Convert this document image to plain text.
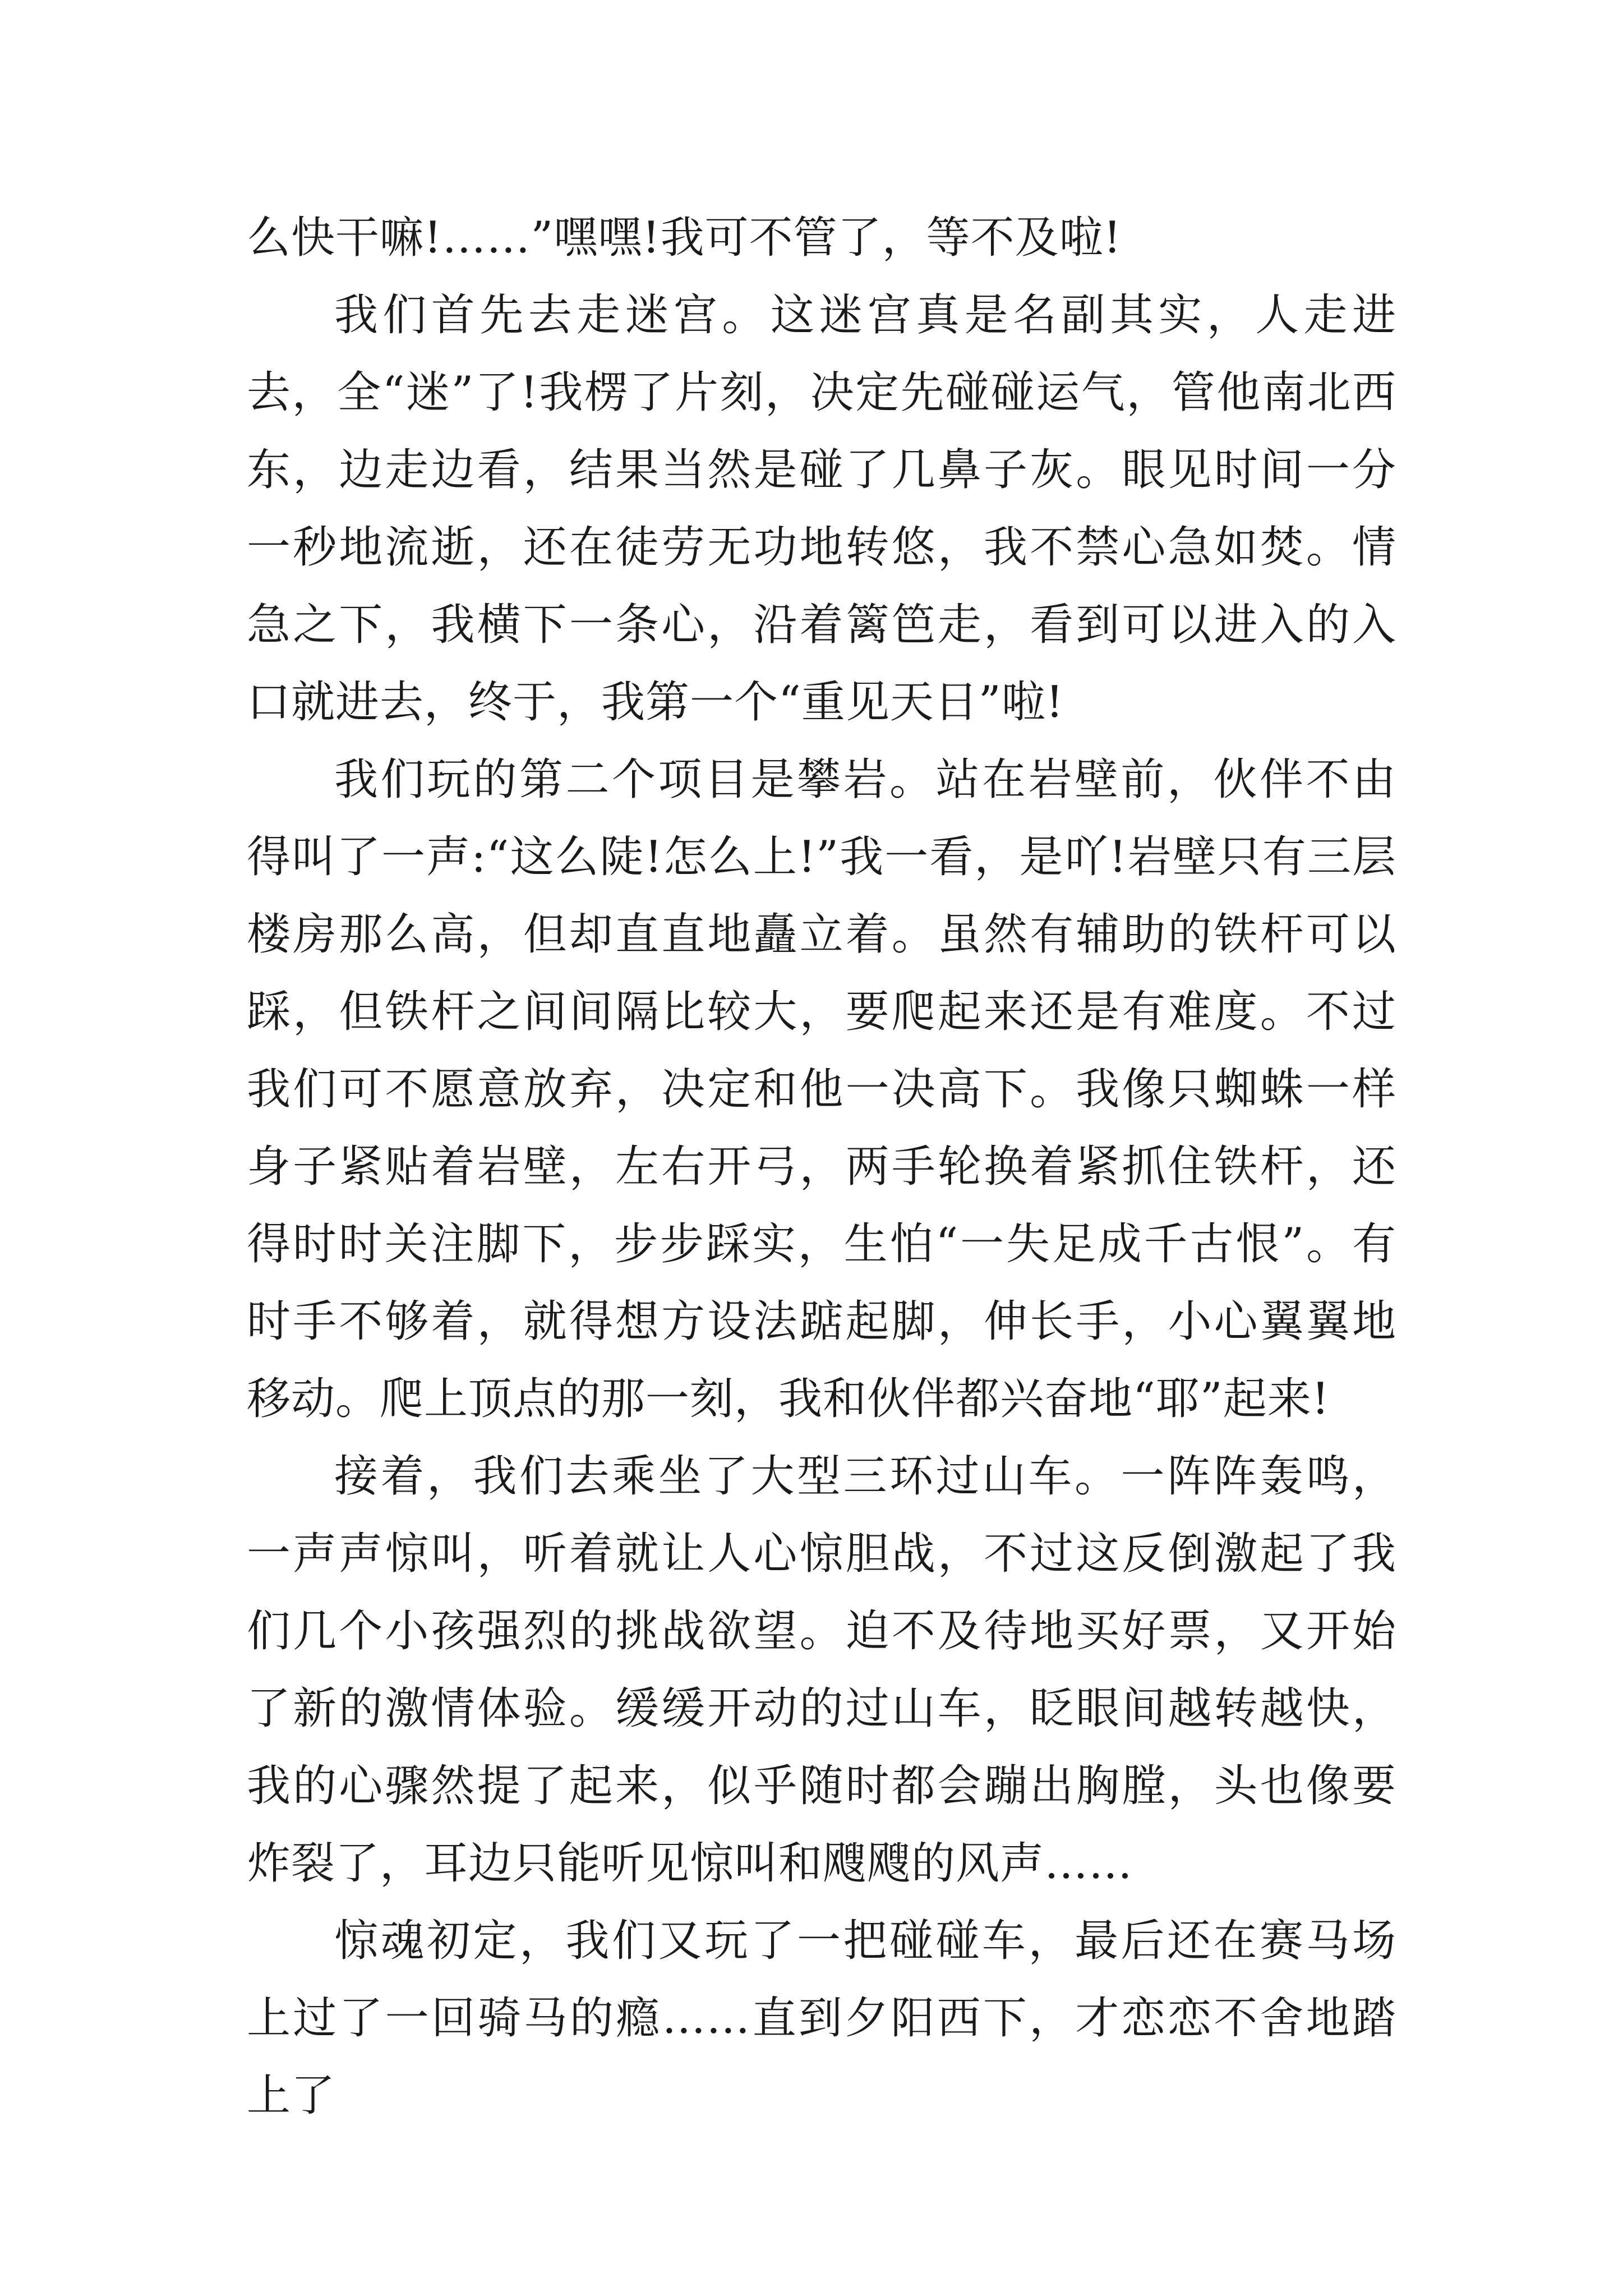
么快干嘛!……”嘿嘿!我可不管了，等不及啦!

我们首先去走迷宫。这迷宫真是名副其实，人走进去，全“迷”了!我楞了片刻，决定先碰碰运气，管他南北西东，边走边看，结果当然是碰了几鼻子灰。眼见时间一分一秒地流逝，还在徒劳无功地转悠，我不禁心急如焚。情急之下，我横下一条心，沿着篱笆走，看到可以进入的入口就进去，终于，我第一个“重见天日”啦!

我们玩的第二个项目是攀岩。站在岩壁前，伙伴不由得叫了一声:“这么陡!怎么上!”我一看，是吖!岩壁只有三层楼房那么高，但却直直地矗立着。虽然有辅助的铁杆可以踩，但铁杆之间间隔比较大，要爬起来还是有难度。不过我们可不愿意放弃，决定和他一决高下。我像只蜘蛛一样身子紧贴着岩壁，左右开弓，两手轮换着紧抓住铁杆，还得时时关注脚下，步步踩实，生怕“一失足成千古恨”。有时手不够着，就得想方设法踮起脚，伸长手，小心翼翼地移动。爬上顶点的那一刻，我和伙伴都兴奋地“耶”起来!

接着，我们去乘坐了大型三环过山车。一阵阵轰鸣，一声声惊叫，听着就让人心惊胆战，不过这反倒激起了我们几个小孩强烈的挑战欲望。迫不及待地买好票，又开始了新的激情体验。缓缓开动的过山车，眨眼间越转越快，我的心骤然提了起来，似乎随时都会蹦出胸膛，头也像要炸裂了，耳边只能听见惊叫和飕飕的风声……

惊魂初定，我们又玩了一把碰碰车，最后还在赛马场上过了一回骑马的瘾……直到夕阳西下，才恋恋不舍地踏上了
